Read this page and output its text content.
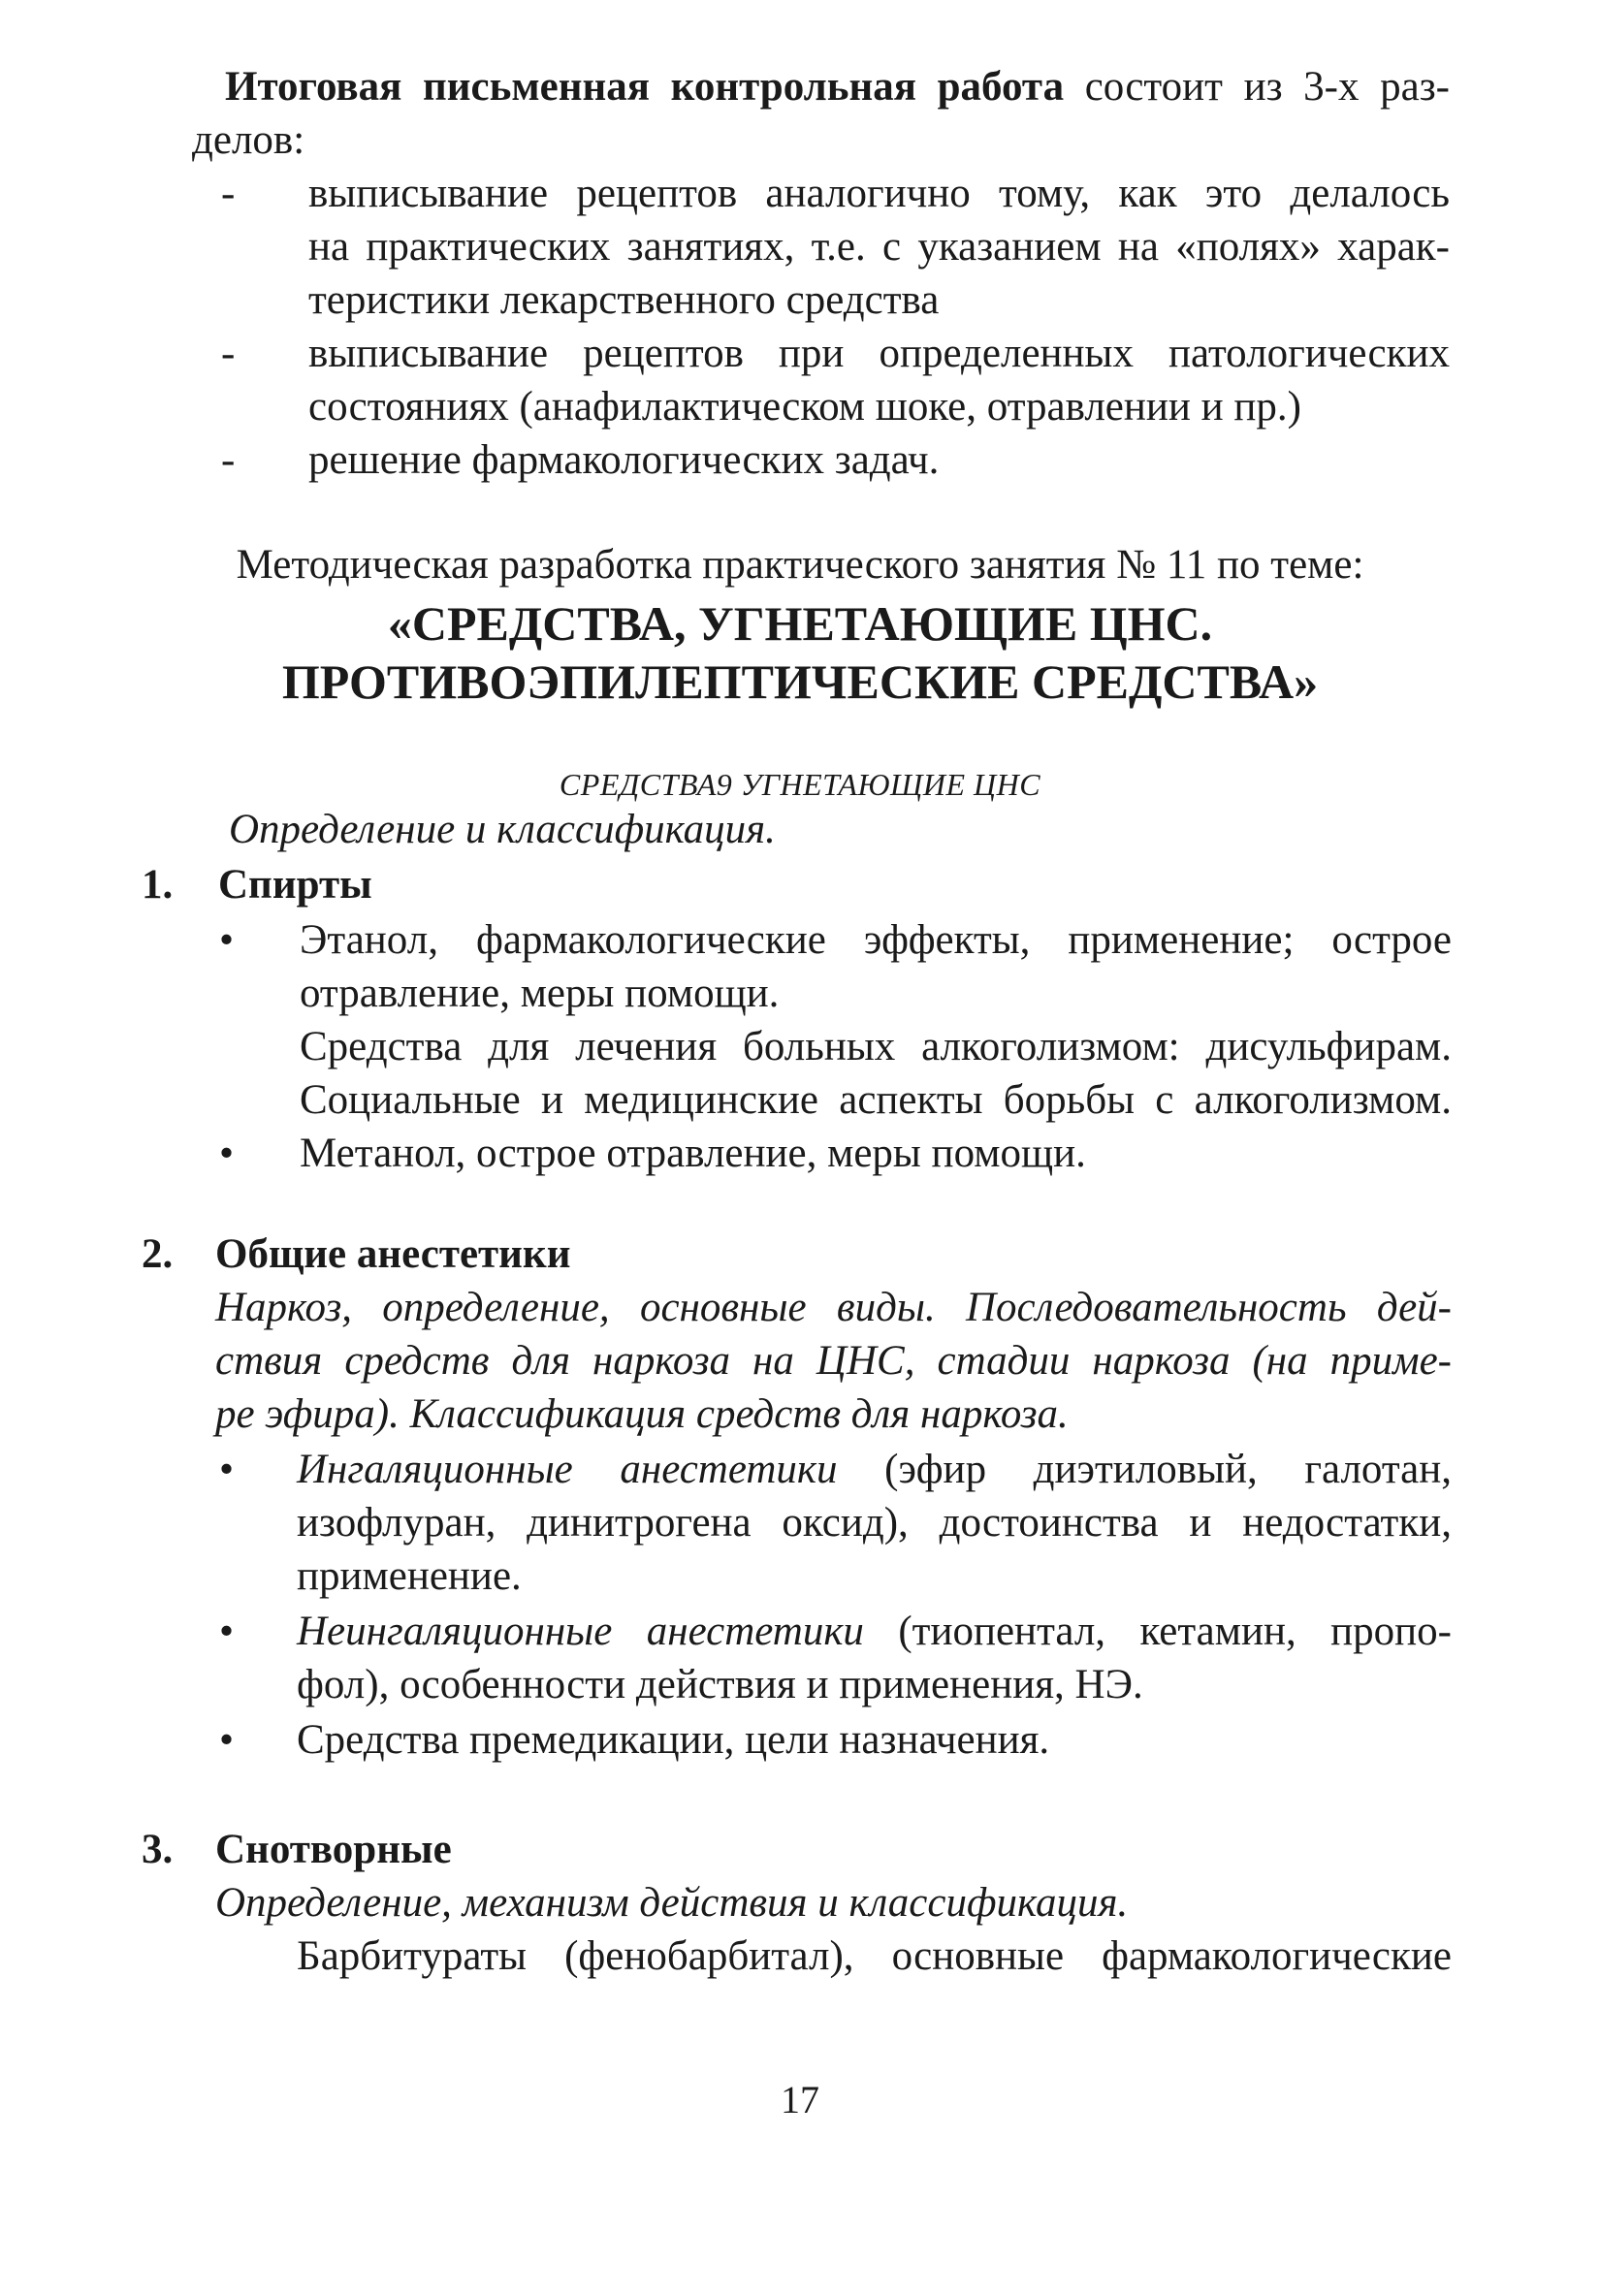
Итоговая письменная контрольная работа состоит из 3-х раз-
делов:
- выписывание рецептов аналогично тому, как это делалось
на практических занятиях, т.е. с указанием на «полях» харак-
теристики лекарственного средства
- выписывание рецептов при определенных патологических
состояниях (анафилактическом шоке, отравлении и пр.)
- решение фармакологических задач.
Методическая разработка практического занятия № 11 по теме:
«СРЕДСТВА, УГНЕТАЮЩИЕ ЦНС.
ПРОТИВОЭПИЛЕПТИЧЕСКИЕ СРЕДСТВА»
СРЕДСТВА9 УГНЕТАЮЩИЕ ЦНС
Определение и классификация.
1. Спирты
• Этанол, фармакологические эффекты, применение; острое
отравление, меры помощи.
Средства для лечения больных алкоголизмом: дисульфирам.
Социальные и медицинские аспекты борьбы с алкоголизмом.
• Метанол, острое отравление, меры помощи.
2. Общие анестетики
Наркоз, определение, основные виды. Последовательность дей-
ствия средств для наркоза на ЦНС, стадии наркоза (на приме-
ре эфира). Классификация средств для наркоза.
• Ингаляционные анестетики (эфир диэтиловый, галотан,
изофлуран, динитрогена оксид), достоинства и недостатки,
применение.
• Неингаляционные анестетики (тиопентал, кетамин, пропо-
фол), особенности действия и применения, НЭ.
• Средства премедикации, цели назначения.
3. Снотворные
Определение, механизм действия и классификация.
Барбитураты (фенобарбитал), основные фармакологические
17
